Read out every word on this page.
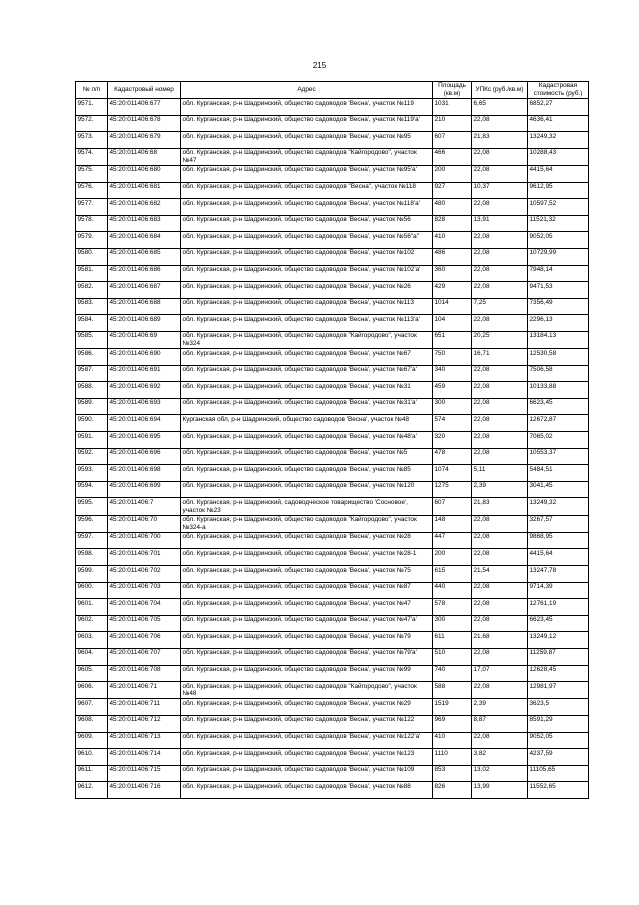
215
№ п/п	Кадастровый номер	Адрес	Площадь (кв.м)	УПКс (руб./кв.м)	Кадастровая стоимость (руб.)
9571.	45:20:011406:677	обл. Курганская, р-н Шадринский, общество садоводов 'Весна', участок №119	1031	6,65	6852,27
9572.	45:20:011406:678	обл. Курганская, р-н Шадринский, общество садоводов 'Весна', участок №119'а'	210	22,08	4636,41
9573.	45:20:011406:679	обл. Курганская, р-н Шадринский, общество садоводов 'Весна', участок №95	607	21,83	13249,32
9574.	45:20:011406:68	обл. Курганская, р-н Шадринский, общество садоводов "Кайгородово", участок №47	466	22,08	10288,43
9575.	45:20:011406:680	обл. Курганская, р-н Шадринский, общество садоводов 'Весна', участок №95'а'	200	22,08	4415,64
9576.	45:20:011406:681	обл. Курганская, р-н Шадринский, общество садоводов "Весна", участок №118	927	10,37	9612,95
9577.	45:20:011406:682	обл. Курганская, р-н Шадринский, общество садоводов 'Весна', участок №118'а'	480	22,08	10597,52
9578.	45:20:011406:683	обл. Курганская, р-н Шадринский, общество садоводов 'Весна', участок №56	828	13,91	11521,32
9579.	45:20:011406:684	обл. Курганская, р-н Шадринский, общество садоводов 'Весна', участок №56"а"	410	22,08	9052,05
9580.	45:20:011406:685	обл. Курганская, р-н Шадринский, общество садоводов 'Весна', участок №102	486	22,08	10729,99
9581.	45:20:011406:686	обл. Курганская, р-н Шадринский, общество садоводов 'Весна', участок №102'а'	360	22,08	7948,14
9582.	45:20:011406:687	обл. Курганская, р-н Шадринский, общество садоводов 'Весна', участок №26	429	22,08	9471,53
9583.	45:20:011406:688	обл. Курганская, р-н Шадринский, общество садоводов 'Весна', участок №113	1014	7,25	7356,49
9584.	45:20:011406:689	обл. Курганская, р-н Шадринский, общество садоводов 'Весна', участок №113'а'	104	22,08	2296,13
9585.	45:20:011406:69	обл. Курганская, р-н Шадринский, общество садоводов "Кайгородово", участок №324	651	20,25	13184,13
9586.	45:20:011406:690	обл. Курганская, р-н Шадринский, общество садоводов 'Весна', участок №67	750	16,71	12530,58
9587.	45:20:011406:691	обл. Курганская, р-н Шадринский, общество садоводов 'Весна', участок №67'а'	340	22,08	7506,58
9588.	45:20:011406:692	обл. Курганская, р-н Шадринский, общество садоводов 'Весна', участок №31	459	22,08	10133,88
9589.	45:20:011406:693	обл. Курганская, р-н Шадринский, общество садоводов 'Весна', участок №31'а'	300	22,08	6623,45
9590.	45:20:011406:694	Курганская обл, р-н Шадринский, общество садоводов 'Весна', участок №48	574	22,08	12672,87
9591.	45:20:011406:695	обл. Курганская, р-н Шадринский, общество садоводов 'Весна', участок №48'а'	320	22,08	7065,02
9592.	45:20:011406:696	обл. Курганская, р-н Шадринский, общество садоводов 'Весна', участок №5	478	22,08	10553,37
9593.	45:20:011406:698	обл. Курганская, р-н Шадринский, общество садоводов 'Весна', участок №85	1074	5,11	5484,51
9594.	45:20:011406:699	обл. Курганская, р-н Шадринский, общество садоводов 'Весна', участок №120	1275	2,39	3041,45
9595.	45:20:011406:7	обл. Курганская, р-н Шадринский, садоводческое товарищество 'Сосновое', участок №23	607	21,83	13249,32
9596.	45:20:011406:70	обл. Курганская, р-н Шадринский, общество садоводов "Кайгородово", участок №324-а	148	22,08	3267,57
9597.	45:20:011406:700	обл. Курганская, р-н Шадринский, общество садоводов 'Весна', участок №28	447	22,08	9868,95
9598.	45:20:011406:701	обл. Курганская, р-н Шадринский, общество садоводов 'Весна', участок №28-1	200	22,08	4415,64
9599.	45:20:011406:702	обл. Курганская, р-н Шадринский, общество садоводов 'Весна', участок №75	615	21,54	13247,78
9600.	45:20:011406:703	обл. Курганская, р-н Шадринский, общество садоводов 'Весна', участок №87	440	22,08	9714,39
9601.	45:20:011406:704	обл. Курганская, р-н Шадринский, общество садоводов 'Весна', участок №47	578	22,08	12761,19
9602.	45:20:011406:705	обл. Курганская, р-н Шадринский, общество садоводов 'Весна', участок №47'а'	300	22,08	6623,45
9603.	45:20:011406:706	обл. Курганская, р-н Шадринский, общество садоводов 'Весна', участок №79	611	21,68	13249,12
9604.	45:20:011406:707	обл. Курганская, р-н Шадринский, общество садоводов 'Весна', участок №79'а'	510	22,08	11259,87
9605.	45:20:011406:708	обл. Курганская, р-н Шадринский, общество садоводов 'Весна', участок №99	740	17,07	12628,45
9606.	45:20:011406:71	обл. Курганская, р-н Шадринский, общество садоводов "Кайгородово", участок №48	588	22,08	12981,97
9607.	45:20:011406:711	обл. Курганская, р-н Шадринский, общество садоводов 'Весна', участок №29	1519	2,39	3623,5
9608.	45:20:011406:712	обл. Курганская, р-н Шадринский, общество садоводов 'Весна', участок №122	969	8,87	8591,29
9609.	45:20:011406:713	обл. Курганская, р-н Шадринский, общество садоводов 'Весна', участок №122'а'	410	22,08	9052,05
9610.	45:20:011406:714	обл. Курганская, р-н Шадринский, общество садоводов 'Весна', участок №123	1110	3,82	4237,59
9611.	45:20:011406:715	обл. Курганская, р-н Шадринский, общество садоводов 'Весна', участок №109	853	13,02	11105,65
9612.	45:20:011406:716	обл. Курганская, р-н Шадринский, общество садоводов 'Весна', участок №88	826	13,99	11552,65
